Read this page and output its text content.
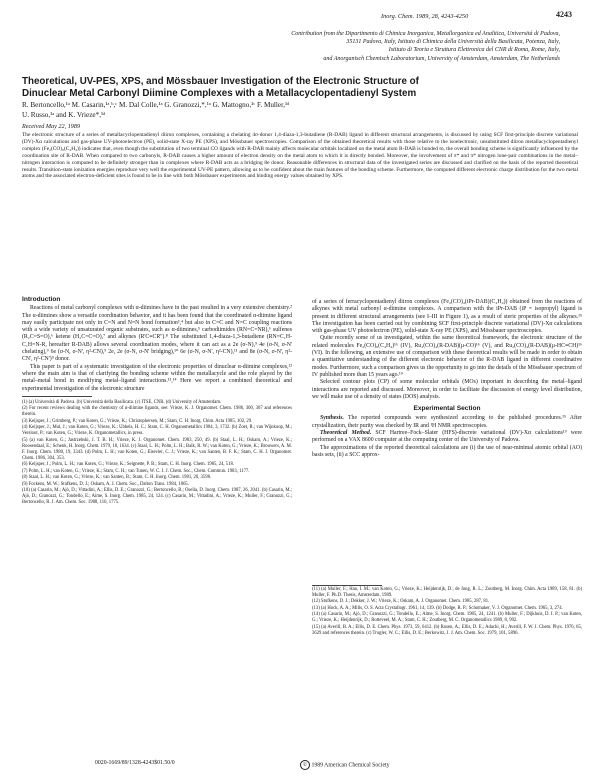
Inorg. Chem. 1989, 28, 4243-4250	4243
Contribution from the Dipartimento di Chimica Inorganica, Metallorganica ed Analitica, Università di Padova,
35131 Padova, Italy, Istituto di Chimica della Università della Basilicata, Potenza, Italy,
Istituto di Teoria e Struttura Elettronica del CNR di Roma, Rome, Italy,
and Anorganisch Chemisch Laboratorium, University of Amsterdam, Amsterdam, The Netherlands
Theoretical, UV-PES, XPS, and Mössbauer Investigation of the Electronic Structure of
Dinuclear Metal Carbonyl Diimine Complexes with a Metallacyclopentadienyl System
R. Bertoncello,¹ᵃ M. Casarin,¹ᵃ,ᵇ,ᶜ M. Dal Colle,¹ᵃ G. Granozzi,*,¹ᵃ G. Mattogno,¹ᶜ F. Muller,¹ᵈ
U. Russo,¹ᵃ and K. Vrieze*,¹ᵈ
Received May 22, 1989
The electronic structure of a series of metallacyclopentadienyl diiron complexes, containing a chelating 4σ-donor 1,4-diaza-1,3-butadiene (R-DAB) ligand in different structural arrangements, is discussed by using SCF first-principle discrete variational (DV)-Xα calculations and gas-phase UV-photoelectron (PE), solid-state X-ray PE (XPS), and Mössbauer spectroscopies. Comparison of the obtained theoretical results with those relative to the isoelectronic, unsubstituted diiron metallacyclopentadienyl complex (Fe₂(CO)₆(C₄H₄)) indicates that, even though the substitution of two terminal CO ligands with R-DAB mainly affects molecular orbitals localized on the metal atom R-DAB is bonded to, the overall bonding scheme is significantly influenced by the coordination site of R-DAB. When compared to two carbonyls, R-DAB causes a higher amount of electron density on the metal atom to which it is directly bonded. Moreover, the involvement of π* and π* nitrogen lone-pair combinations in the metal–nitrogen interaction is computed to be definitely stronger than in complexes where R-DAB acts as a bridging 8e donor. Reasonable differences in structural data of the investigated series are discussed and clarified on the basis of the reported theoretical results. Transition-state ionization energies reproduce very well the experimental UV-PE pattern, allowing us to be confident about the main features of the bonding scheme. Furthermore, the computed different electronic charge distribution for the two metal atoms and the associated electron-deficient sites is found to be in line with both Mössbauer experiments and binding energy values obtained by XPS.
Introduction

Reactions of metal carbonyl complexes with α-diimines have in the past resulted in a very extensive chemistry.² The α-diimines show a versatile coordination behavior, and it has been found that the coordinated α-diimine ligand may easily participate not only in C=N and N=N bond formation³,⁴ but also in C=C and N=C coupling reactions with a wide variety of unsaturated organic substrates, such as α-diimines,⁵ carbodiimides (RN=C=NR),⁶ sulfenes (R₂C=S=O),⁶ ketene (H₂C=C=O),⁷ and alkynes (R'C≡CR'').⁸ The substituted 1,4-diaza-1,3-butadiene (RN=C₁H-C₁H=N-R, hereafter R-DAB) allows several coordination modes, where it can act as a 2e (σ-N),⁹ 4e (σ-N, σ-N' chelating),⁹ 6e (σ-N, σ-N', η²-CN),⁹ 2e, 2e (σ-N, σ-N' bridging),¹⁰ 6e (σ-N, σ-N', η²-CN),¹¹ and 8e (σ-N, σ-N', η²-CN', η²-CN')⁹ donor.

This paper is part of a systematic investigation of the electronic properties of dinuclear α-diimine complexes,¹² where the main aim is that of clarifying the bonding scheme within the metallacycle and the role played by the metal–metal bond in modifying metal–ligand interactions.¹³,¹⁴ Here we report a combined theoretical and experimental investigation of the electronic structure

(1) (a) Università di Padova. (b) Università della Basilicata. (c) ITSE, CNR. (d) University of Amsterdam.
(2) For recent reviews dealing with the chemistry of α-diimine ligands, see: Vrieze, K. J. Organomet. Chem. 1986, 300, 307 and references therein.
(3) Keijsper, J.; Grimberg, P.; van Koten, G.; Vrieze, K.; Christophersen, M.; Stam, C. H. Inorg. Chim. Acta 1985, 102, 29.
(4) Keijsper, J.; Mul, J.; van Koten, G.; Vrieze, K.; Ubbels, H. C.; Stam, C. H. Organometallics 1984, 3, 1732. (b) Zoet, R.; van Wijnkoop, M.; Versloot, P.; van Koten, G.; Vrieze, K. Organometallics, in press.
(5) (a) van Koten, G.; Jastrzebski, J. T. B. H.; Vrieze, K. J. Organomet. Chem. 1983, 250, 49. (b) Staal, L. H.; Oskam, A.; Vrieze, K.; Roosendaal, E.; Schenk, H. Inorg. Chem. 1979, 18, 1634. (c) Staal, L. H.; Polm, L. H.; Balk, R. W.; van Koten, G.; Vrieze, K.; Brouwers, A. M. F. Inorg. Chem. 1980, 19, 3343. (d) Polm, L. H.; van Koten, G.; Elsevier, C. J.; Vrieze, K.; van Santen, B. F. K.; Stam, C. H. J. Organomet. Chem. 1986, 304, 353.
(6) Keijsper, J.; Polm, L. H.; van Koten, G.; Vrieze, K.; Seignette, P. B.; Stam, C. H. Inorg. Chem. 1985, 24, 518.
(7) Polm, L. H.; van Koten, G.; Vrieze, K.; Stam, C. H.; van Tunen, W. C. J. J. Chem. Soc., Chem. Commun. 1983, 1177.
(8) Staal, L. H.; van Koten, G.; Vrieze, K.; van Santen, B.; Stam, C. H. Inorg. Chem. 1981, 20, 3598.
(9) Fockens, M. W.; Stufkens, D. J.; Oskam, A. J. Chem. Soc., Dalton Trans. 1984, 1065.
(10) (a) Casarin, M.; Ajò, D.; Vittadini, A.; Ellis, D. E.; Granozzi, G.; Bertoncello, R.; Osella, D. Inorg. Chem. 1987, 26, 2041. (b) Casarin, M.; Ajò, D.; Granozzi, G.; Tondello, E.; Aime, S. Inorg. Chem. 1985, 24, 124. (c) Casarin, M.; Vittadini, A.; Vrieze, K.; Muller, F.; Granozzi, G.; Bertoncello, R. J. Am. Chem. Soc. 1988, 110, 1775.

of a series of ferracyclopentadienyl diiron complexes (Fe₂(CO)₄(iPr-DAB)(C₄H₄)) obtained from the reactions of alkynes with metal carbonyl α-diimine complexes. A comparison with the iPr-DAB (iP = isopropyl) ligand is present in different structural arrangements (see I–III in Figure 1), as a result of steric properties of the alkynes.¹⁵ The investigation has been carried out by combining SCF first-principle discrete variational (DV)-Xα calculations with gas-phase UV photoelectron (PE), solid-state X-ray PE (XPS), and Mössbauer spectroscopies.

Quite recently some of us investigated, within the same theoretical framework, the electronic structure of the related molecules Fe₂(CO)₆(C₄H₄)¹⁶ (IV), Ru₂(CO)₄(R-DAB)(μ-CO)¹⁶ (V), and Ru₂(CO)₄(R-DAB)(μ-HC≡CH)¹⁶ (VI). In the following, an extensive use of comparison with these theoretical results will be made in order to obtain a quantitative understanding of the different electronic behavior of the R-DAB ligand in different coordinative modes. Furthermore, such a comparison gives us the opportunity to go into the details of the Mössbauer spectrum of IV published more than 15 years ago.¹⁹

Selected contour plots (CP) of some molecular orbitals (MOs) important in describing the metal–ligand interactions are reported and discussed. Moreover, in order to facilitate the discussion of energy level distribution, we will make use of a density of states (DOS) analysis.

Experimental Section

Synthesis. The reported compounds were synthesized according to the published procedures.¹⁵ After crystallization, their purity was checked by IR and ¹H NMR spectroscopies.

Theoretical Method. SCF Hartree–Fock–Slater (HFS)-discrete variational (DV)-Xα calculations¹⁹ were performed on a VAX 8600 computer at the computing center of the University of Padova.

The approximations of the reported theoretical calculations are (i) the use of near-minimal atomic orbital (AO) basis sets, (ii) a SCC approx-

(11) (a) Muller, F.; Han, I. M.; van Koten, G.; Vrieze, K.; Heijdenrijk, D.; de Jong, R. L.; Zoutberg, M. Inorg. Chim. Acta 1989, 158, 81. (b) Muller, F. Ph.D. Thesis, Amsterdam, 1989.
(12) Stufkens, D. J.; Dekker, J. W.; Vrieze, K.; Oskam, A. J. Organomet. Chem. 1985, 287, 81.
(13) (a) Hock, A. A.; Mills, O. S. Acta Crystallogr. 1961, 14, 139. (b) Dodge, R. P.; Schomaker, V. J. Organomet. Chem. 1965, 3, 274.
(14) (a) Casarin, M.; Ajò, D.; Granozzi, G.; Tondello, E.; Aime, S. Inorg. Chem. 1985, 24, 1241. (b) Muller, F.; Dijkhuis, D. I. P.; van Koten, G.; Vrieze, K.; Heijdenrijk, D.; Rotteveel, M. A.; Stam, C. H.; Zoutberg, M. C. Organometallics 1989, 8, 992.
(15) (a) Averill, B. A.; Ellis, D. E. Chem. Phys. 1973, 59, 6412. (b) Rosen, A.; Ellis, D. E.; Adachi, H.; Averill, F. W. J. Chem. Phys. 1976, 65, 3629 and references therein. (c) Trogler, W. C.; Ellis, D. E.; Berkowitz, J. J. Am. Chem. Soc. 1979, 101, 5896.
0020-1669/89/1328-4243$01.50/0	© 1989 American Chemical Society
